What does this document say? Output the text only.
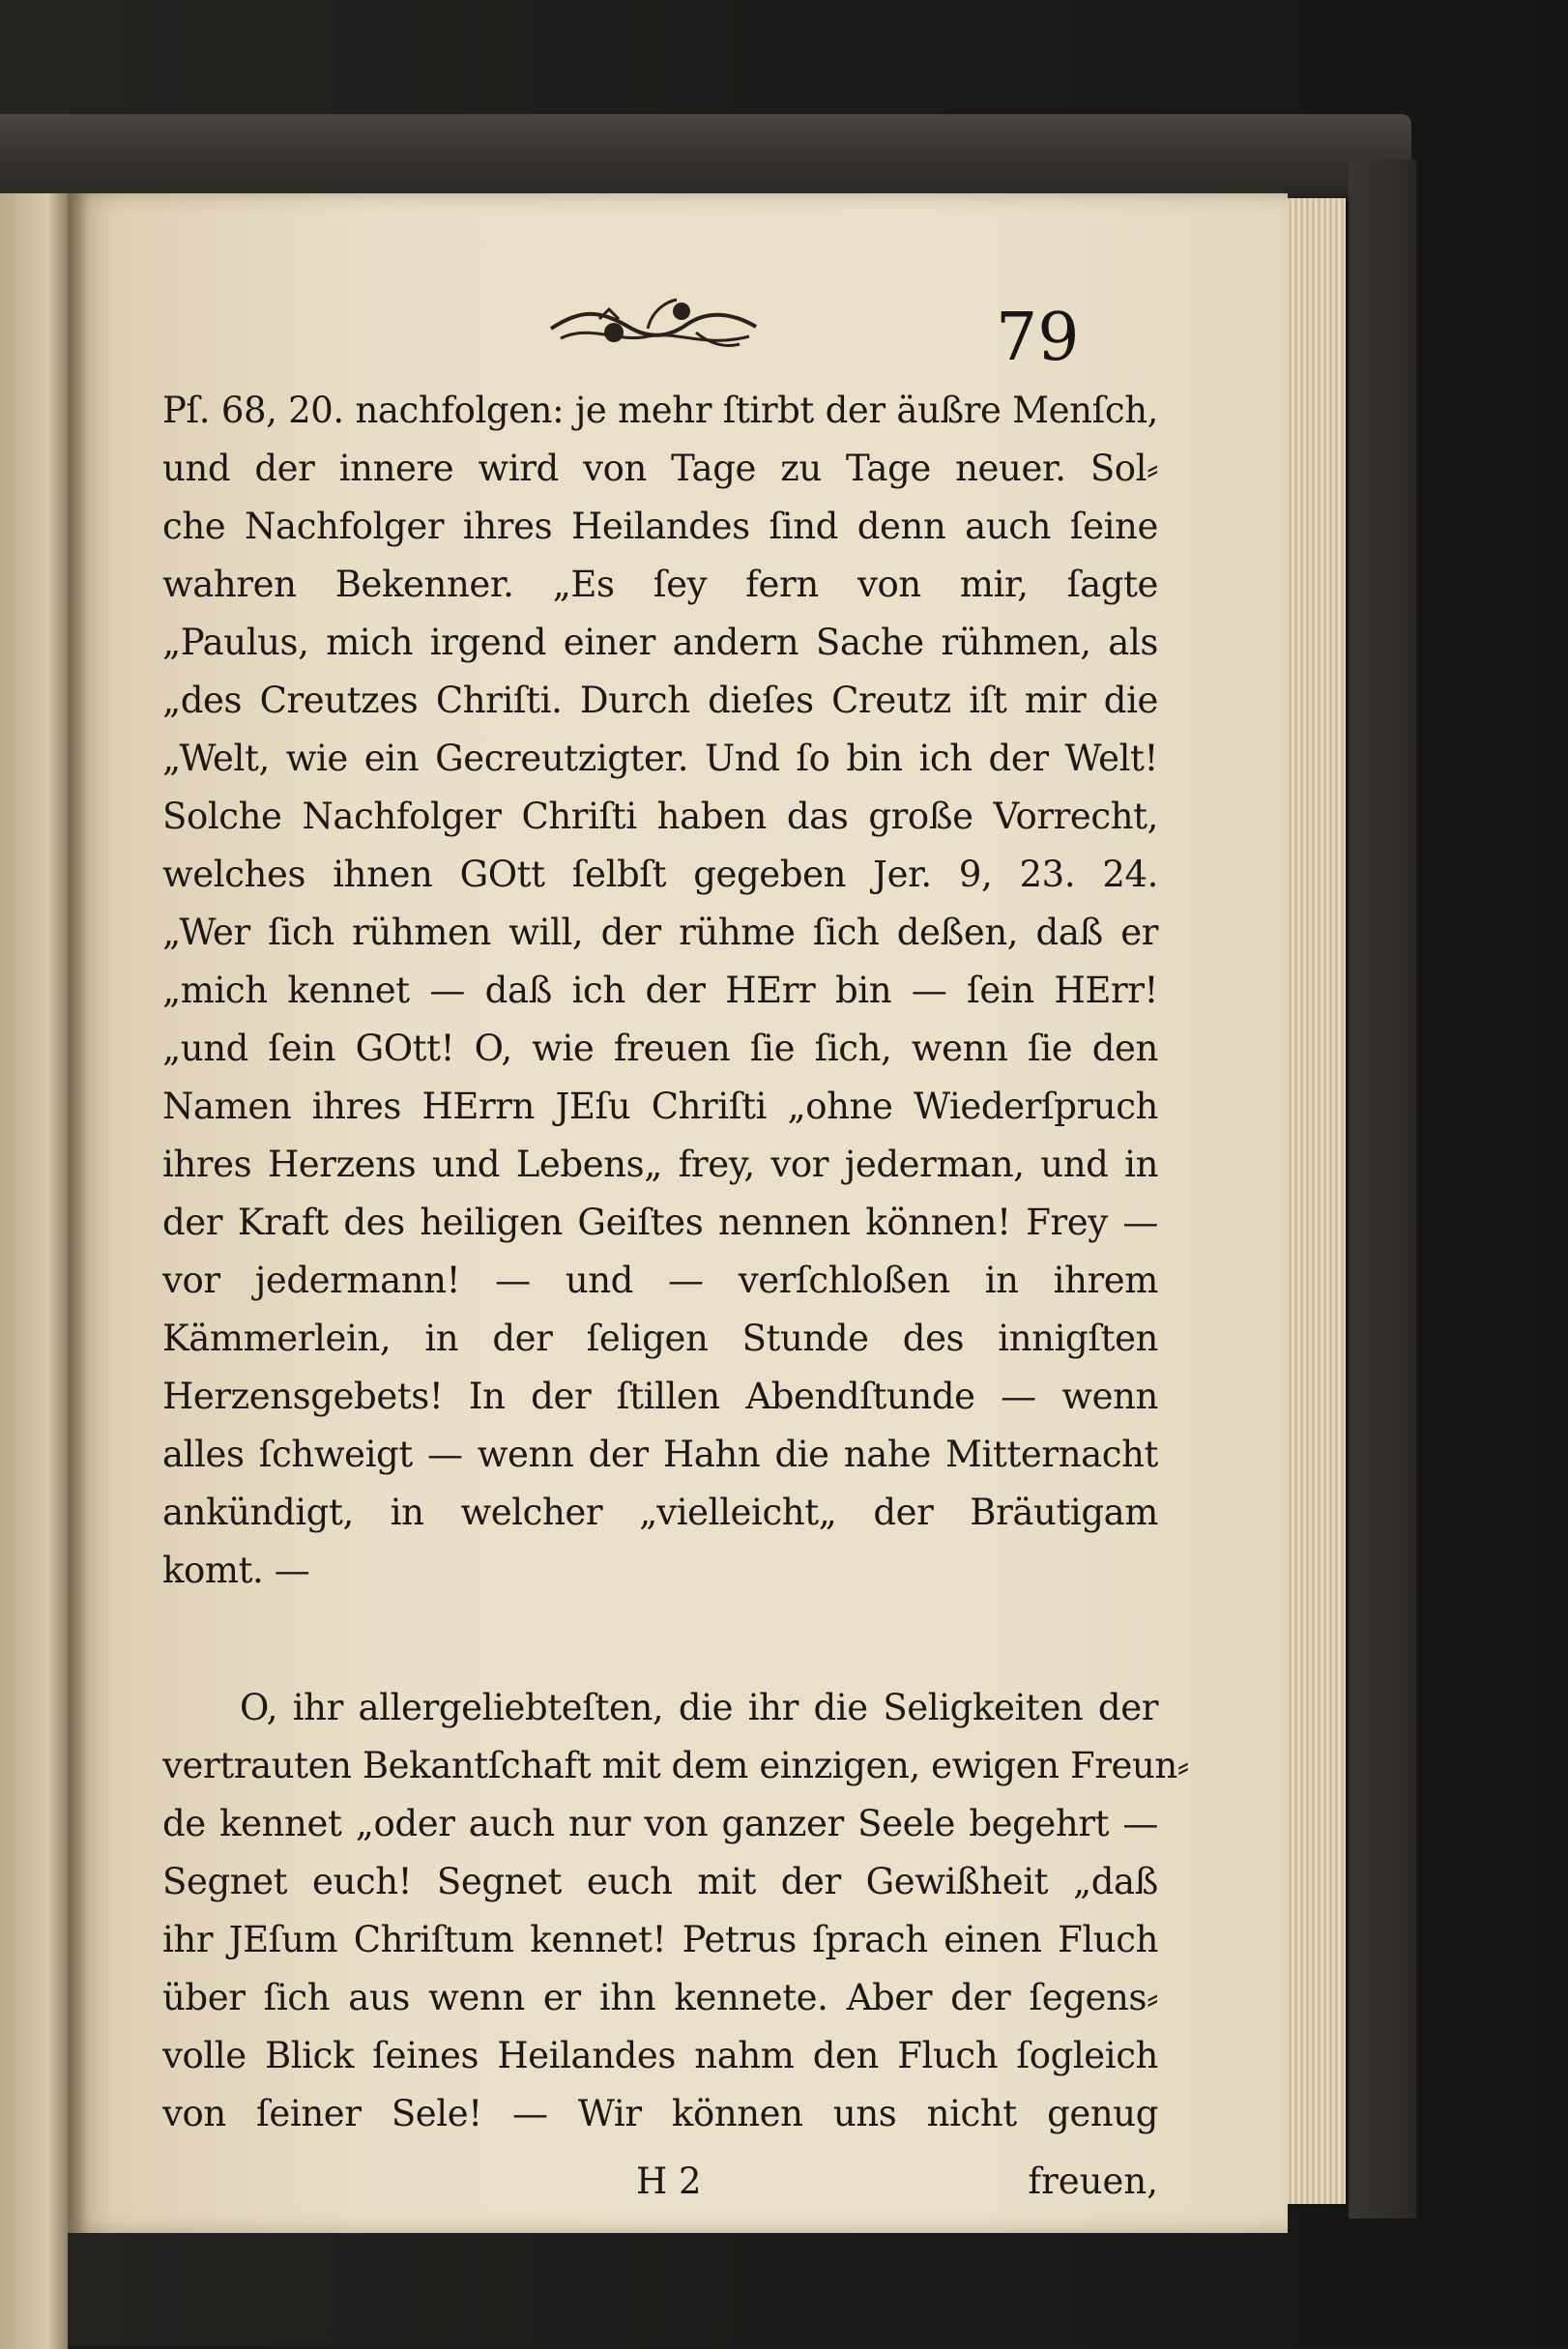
79
Pſ. 68, 20. nachfolgen: je mehr ſtirbt der äußre Menſch,
und der innere wird von Tage zu Tage neuer. Sol⸗
che Nachfolger ihres Heilandes ſind denn auch ſeine
wahren Bekenner. „Es ſey fern von mir, ſagte
„Paulus, mich irgend einer andern Sache rühmen, als
„des Creutzes Chriſti. Durch dieſes Creutz iſt mir die
„Welt, wie ein Gecreutzigter. Und ſo bin ich der Welt!
Solche Nachfolger Chriſti haben das große Vorrecht,
welches ihnen GOtt ſelbſt gegeben Jer. 9, 23. 24.
„Wer ſich rühmen will, der rühme ſich deßen, daß er
„mich kennet — daß ich der HErr bin — ſein HErr!
„und ſein GOtt! O, wie freuen ſie ſich, wenn ſie den
Namen ihres HErrn JEſu Chriſti „ohne Wiederſpruch
ihres Herzens und Lebens„ frey, vor jederman, und in
der Kraft des heiligen Geiſtes nennen können! Frey —
vor jedermann! — und — verſchloßen in ihrem
Kämmerlein, in der ſeligen Stunde des innigſten
Herzensgebets! In der ſtillen Abendſtunde — wenn
alles ſchweigt — wenn der Hahn die nahe Mitternacht
ankündigt, in welcher „vielleicht„ der Bräutigam
komt. —
O, ihr allergeliebteſten, die ihr die Seligkeiten der
vertrauten Bekantſchaft mit dem einzigen, ewigen Freun⸗
de kennet „oder auch nur von ganzer Seele begehrt —
Segnet euch! Segnet euch mit der Gewißheit „daß
ihr JEſum Chriſtum kennet! Petrus ſprach einen Fluch
über ſich aus wenn er ihn kennete. Aber der ſegens⸗
volle Blick ſeines Heilandes nahm den Fluch ſogleich
von ſeiner Sele! — Wir können uns nicht genug
H 2	freuen,
